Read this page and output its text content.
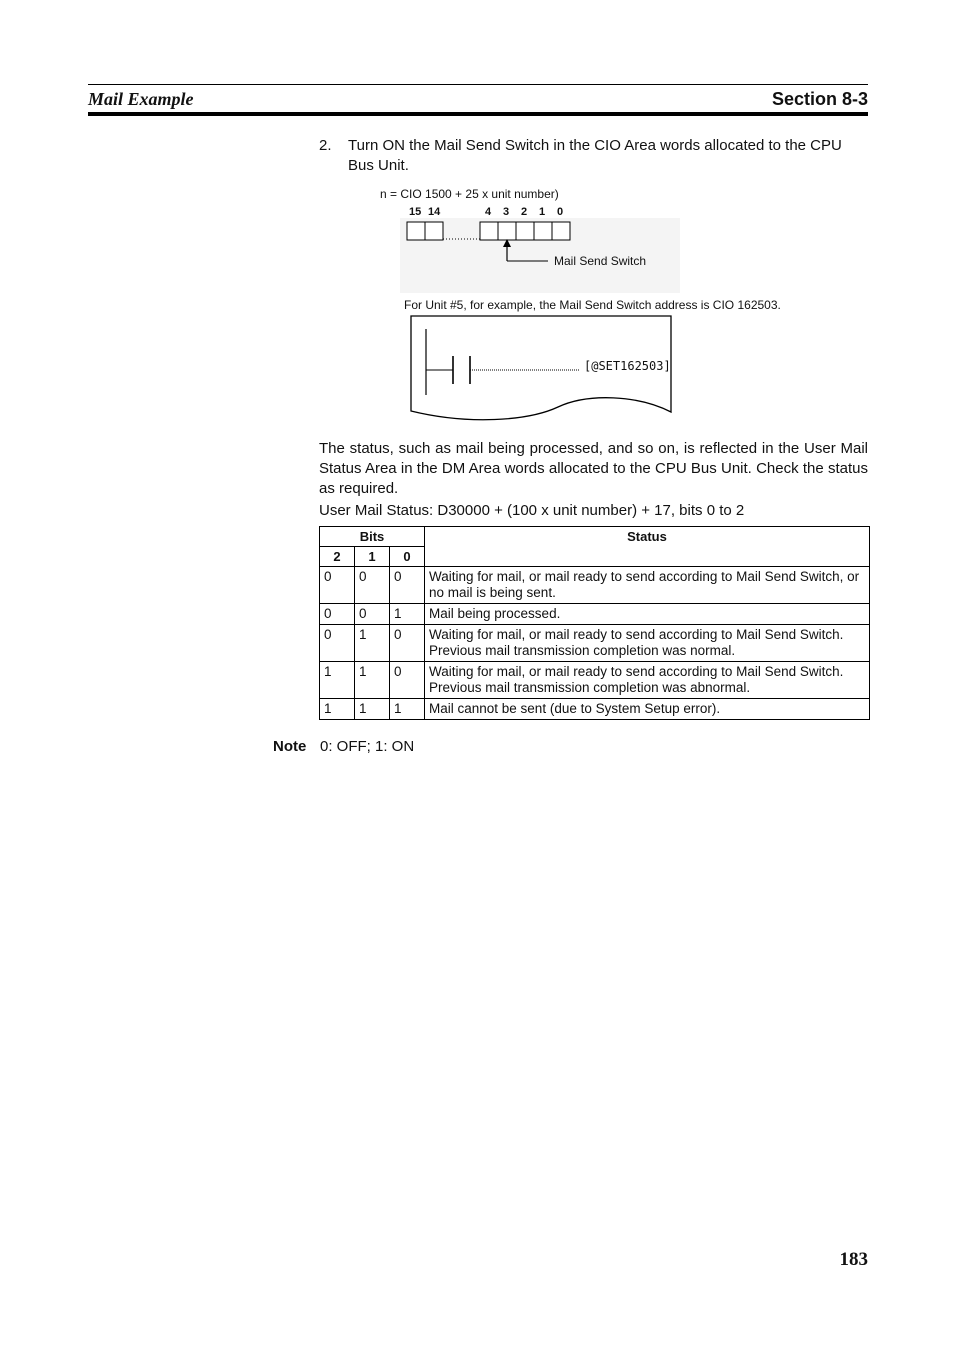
Mail Example	Section 8-3
2. Turn ON the Mail Send Switch in the CIO Area words allocated to the CPU Bus Unit.
n = CIO 1500 + 25 x unit number)
15 14	4 3 2 1 0
Mail Send Switch
For Unit #5, for example, the Mail Send Switch address is CIO 162503.
[@SET162503]
The status, such as mail being processed, and so on, is reflected in the User Mail Status Area in the DM Area words allocated to the CPU Bus Unit. Check the status as required.
User Mail Status: D30000 + (100 x unit number) + 17, bits 0 to 2
Bits			Status
2	1	0	
0	0	0	Waiting for mail, or mail ready to send according to Mail Send Switch, or no mail is being sent.
0	0	1	Mail being processed.
0	1	0	Waiting for mail, or mail ready to send according to Mail Send Switch. Previous mail transmission completion was normal.
1	1	0	Waiting for mail, or mail ready to send according to Mail Send Switch. Previous mail transmission completion was abnormal.
1	1	1	Mail cannot be sent (due to System Setup error).
Note 0: OFF; 1: ON
183
